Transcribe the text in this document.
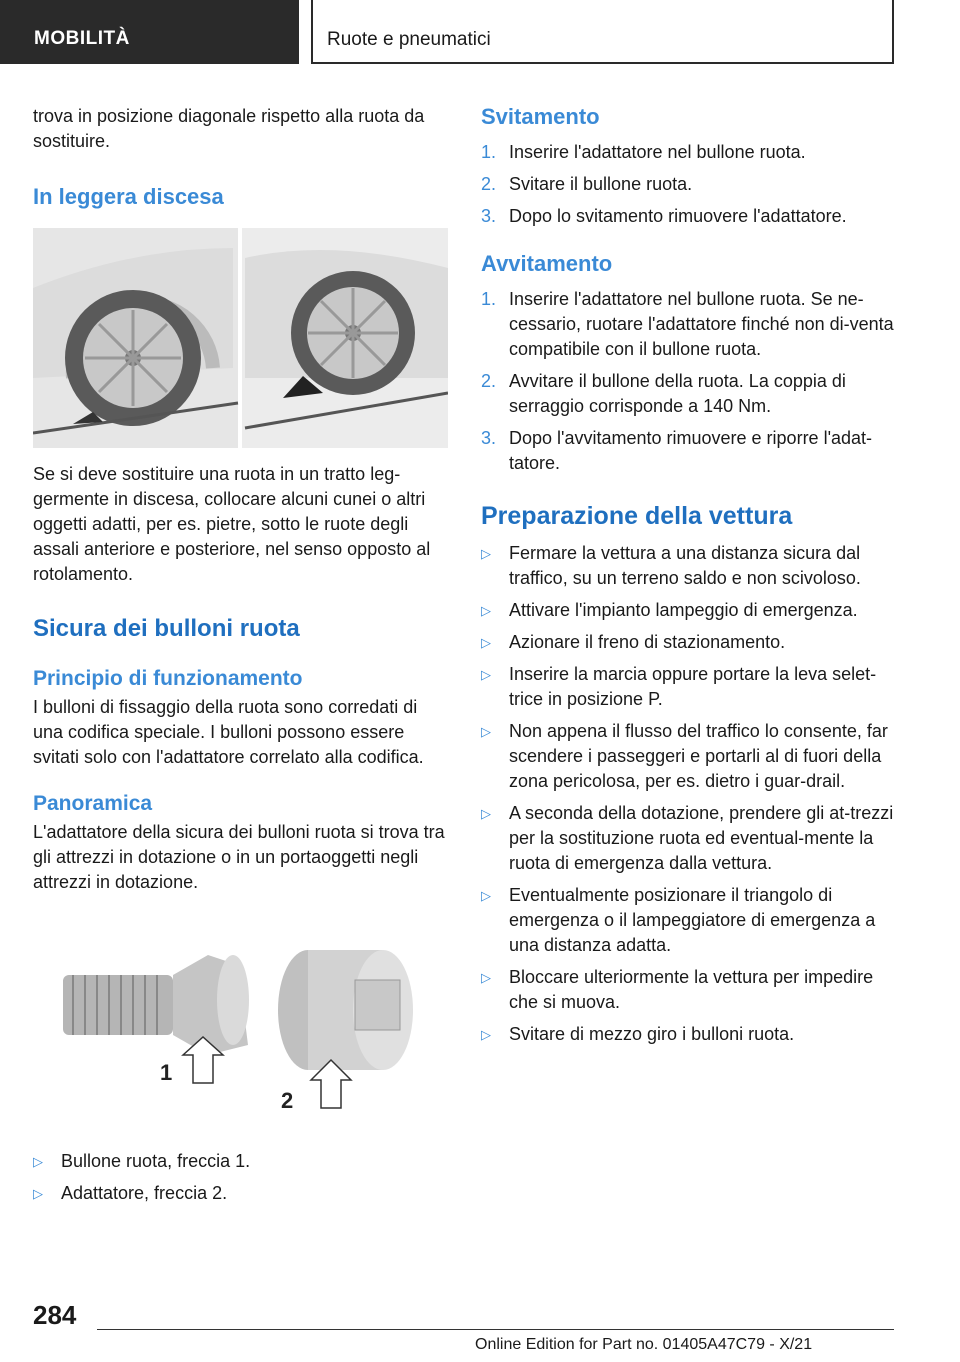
MOBILITÀ	Ruote e pneumatici

trova in posizione diagonale rispetto alla ruota da sostituire.

In leggera discesa

Se si deve sostituire una ruota in un tratto leg-germente in discesa, collocare alcuni cunei o altri oggetti adatti, per es. pietre, sotto le ruote degli assali anteriore e posteriore, nel senso opposto al rotolamento.

Sicura dei bulloni ruota
Principio di funzionamento

I bulloni di fissaggio della ruota sono corredati di una codifica speciale. I bulloni possono essere svitati solo con l'adattatore correlato alla codifica.

Panoramica

L'adattatore della sicura dei bulloni ruota si trova tra gli attrezzi in dotazione o in un portaoggetti negli attrezzi in dotazione.

1
2
▷ Bullone ruota, freccia 1.
▷ Adattatore, freccia 2.
Svitamento
1. Inserire l'adattatore nel bullone ruota.
2. Svitare il bullone ruota.
3. Dopo lo svitamento rimuovere l'adattatore.
Avvitamento
1. Inserire l'adattatore nel bullone ruota. Se ne-cessario, ruotare l'adattatore finché non di-venta compatibile con il bullone ruota.
2. Avvitare il bullone della ruota. La coppia di serraggio corrisponde a 140 Nm.
3. Dopo l'avvitamento rimuovere e riporre l'adat-tatore.
Preparazione della vettura
▷ Fermare la vettura a una distanza sicura dal traffico, su un terreno saldo e non scivoloso.
▷ Attivare l'impianto lampeggio di emergenza.
▷ Azionare il freno di stazionamento.
▷ Inserire la marcia oppure portare la leva selet-trice in posizione P.
▷ Non appena il flusso del traffico lo consente, far scendere i passeggeri e portarli al di fuori della zona pericolosa, per es. dietro i guar-drail.
▷ A seconda della dotazione, prendere gli at-trezzi per la sostituzione ruota ed eventual-mente la ruota di emergenza dalla vettura.
▷ Eventualmente posizionare il triangolo di emergenza o il lampeggiatore di emergenza a una distanza adatta.
▷ Bloccare ulteriormente la vettura per impedire che si muova.
▷ Svitare di mezzo giro i bulloni ruota.
284
Online Edition for Part no. 01405A47C79 - X/21
